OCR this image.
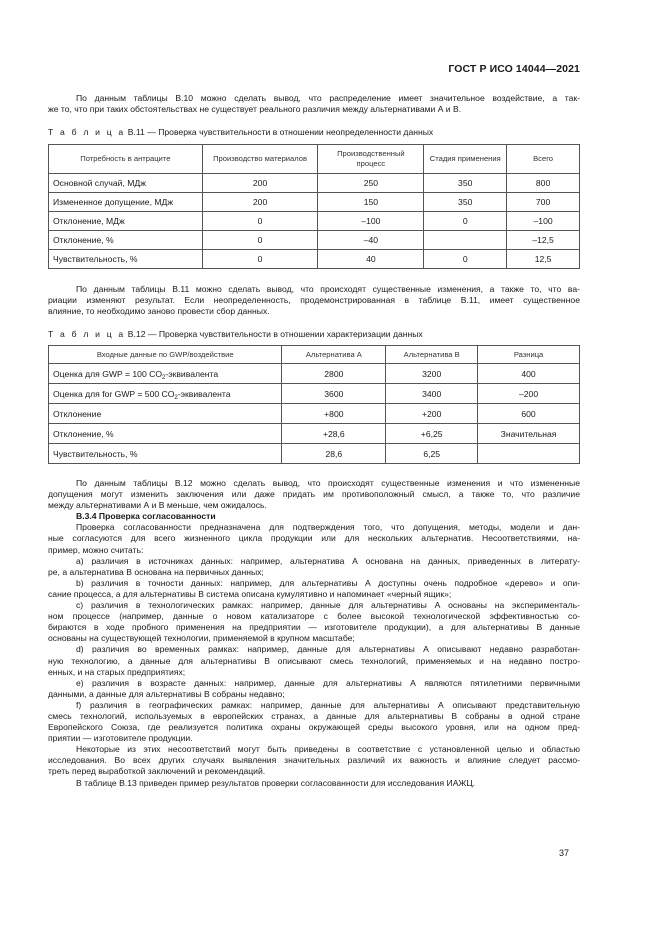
ГОСТ Р ИСО 14044—2021
По данным таблицы В.10 можно сделать вывод, что распределение имеет значительное воздействие, а так-
же то, что при таких обстоятельствах не существует реального различия между альтернативами А и В.
Т а б л и ц а В.11 — Проверка чувствительности в отношении неопределенности данных
Потребность в антраците	Производство материалов	Производственный процесс	Стадия применения	Всего
Основной случай, МДж	200	250	350	800
Измененное допущение, МДж	200	150	350	700
Отклонение, МДж	0	–100	0	–100
Отклонение, %	0	–40		–12,5
Чувствительность, %	0	40	0	12,5
По данным таблицы В.11 можно сделать вывод, что происходят существенные изменения, а также то, что ва-
риации изменяют результат. Если неопределенность, продемонстрированная в таблице В.11, имеет существенное
влияние, то необходимо заново провести сбор данных.
Т а б л и ц а В.12 — Проверка чувствительности в отношении характеризации данных
Входные данные по GWP/воздействие	Альтернатива А	Альтернатива В	Разница
Оценка для GWP = 100 $CO_2$-эквивалента	2800	3200	400
Оценка для for GWP = 500 $CO_2$-эквивалента	3600	3400	–200
Отклонение	+800	+200	600
Отклонение, %	+28,6	+6,25	Значительная
Чувствительность, %	28,6	6,25	
По данным таблицы В.12 можно сделать вывод, что происходят существенные изменения и что измененные
допущения могут изменить заключения или даже придать им противоположный смысл, а также то, что различие
между альтернативами А и В меньше, чем ожидалось.
В.3.4 Проверка согласованности
Проверка согласованности предназначена для подтверждения того, что допущения, методы, модели и дан-
ные согласуются для всего жизненного цикла продукции или для нескольких альтернатив. Несоответствиями, на-
пример, можно считать:
а) различия в источниках данных: например, альтернатива А основана на данных, приведенных в литерату-
ре, а альтернатива В основана на первичных данных;
b) различия в точности данных: например, для альтернативы А доступны очень подробное «дерево» и опи-
сание процесса, а для альтернативы В система описана кумулятивно и напоминает «черный ящик»;
с) различия в технологических рамках: например, данные для альтернативы А основаны на эксперименталь-
ном процессе (например, данные о новом катализаторе с более высокой технологической эффективностью со-
бираются в ходе пробного применения на предприятии — изготовителе продукции), а для альтернативы В данные
основаны на существующей технологии, применяемой в крупном масштабе;
d) различия во временных рамках: например, данные для альтернативы А описывают недавно разработан-
ную технологию, а данные для альтернативы В описывают смесь технологий, применяемых и на недавно постро-
енных, и на старых предприятиях;
е) различия в возрасте данных: например, данные для альтернативы А являются пятилетними первичными
данными, а данные для альтернативы В собраны недавно;
f) различия в географических рамках: например, данные для альтернативы А описывают представительную
смесь технологий, используемых в европейских странах, а данные для альтернативы В собраны в одной стране
Европейского Союза, где реализуется политика охраны окружающей среды высокого уровня, или на одном пред-
приятии — изготовителе продукции.
Некоторые из этих несоответствий могут быть приведены в соответствие с установленной целью и областью
исследования. Во всех других случаях выявления значительных различий их важность и влияние следует рассмо-
треть перед выработкой заключений и рекомендаций.
В таблице В.13 приведен пример результатов проверки согласованности для исследования ИАЖЦ.
37
